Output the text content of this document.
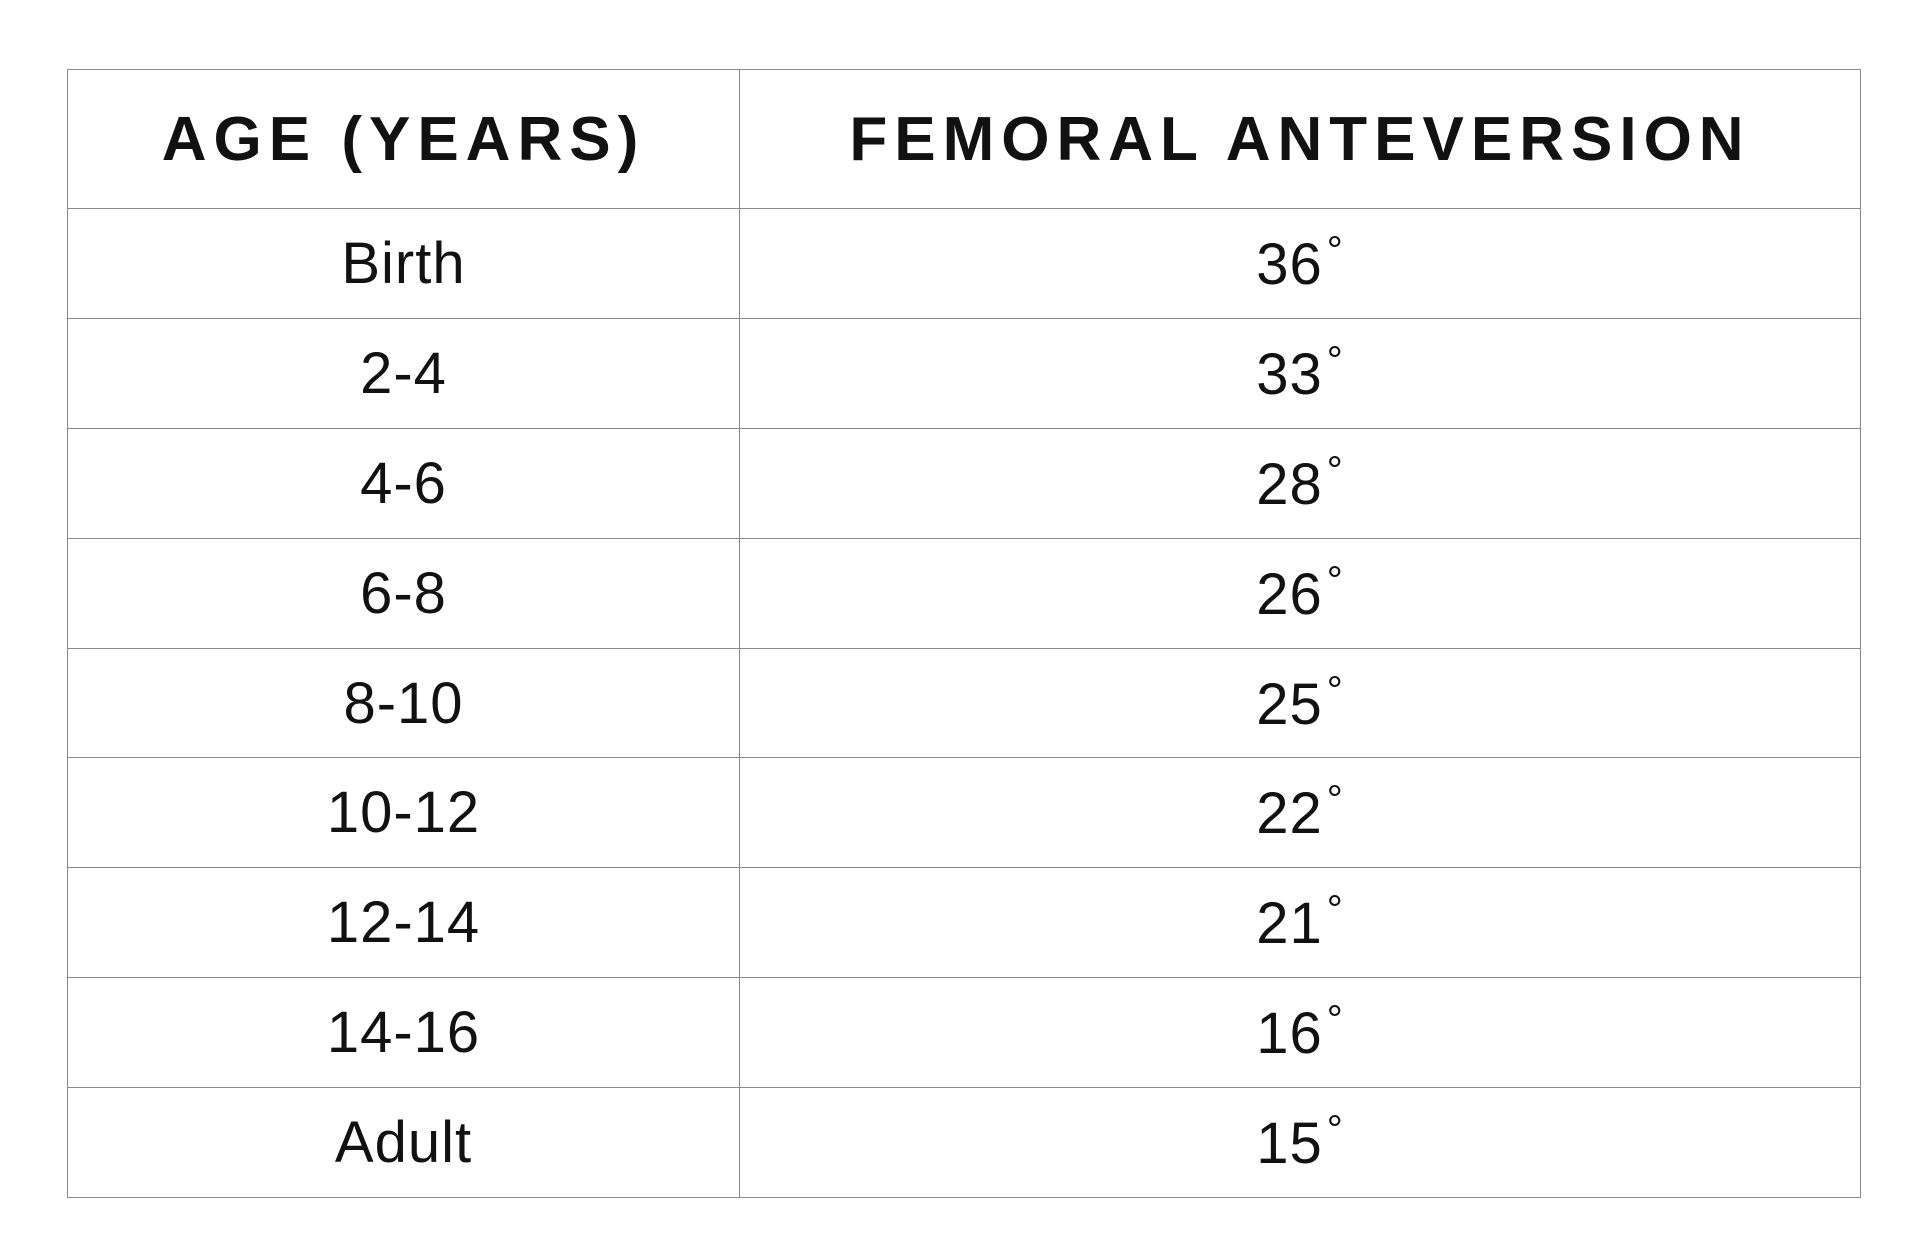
AGE (YEARS)	FEMORAL ANTEVERSION
Birth	36 °
2-4	33 °
4-6	28 °
6-8	26 °
8-10	25 °
10-12	22 °
12-14	21 °
14-16	16 °
Adult	15 °
